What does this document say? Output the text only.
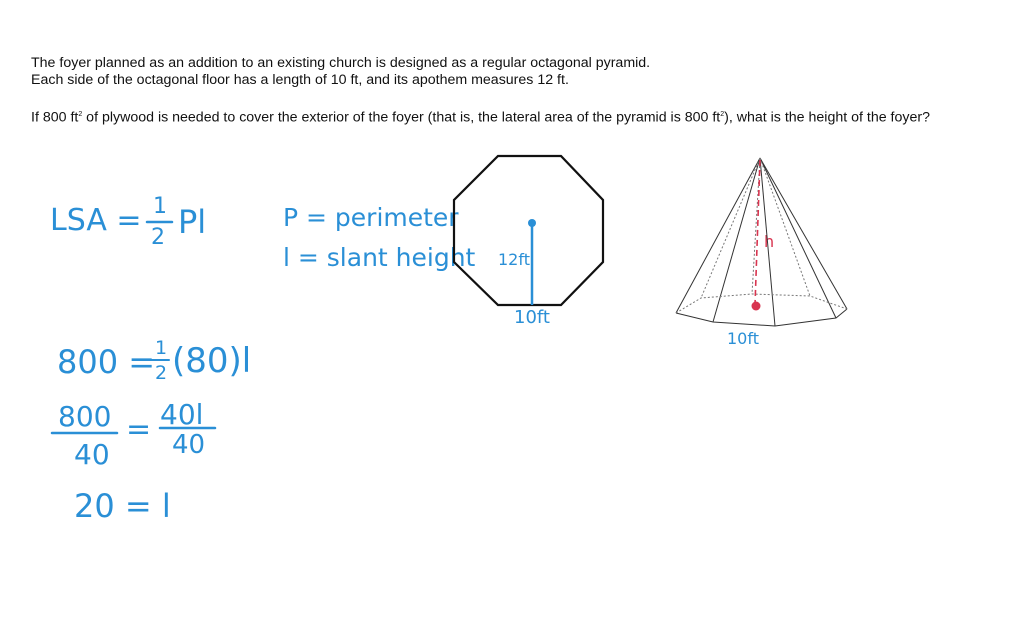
The foyer planned as an addition to an existing church is designed as a regular octagonal pyramid.

Each side of the octagonal floor has a length of 10 ft, and its apothem measures 12 ft.

If 800 $ft^2$ of plywood is needed to cover the exterior of the foyer (that is, the lateral area of the pyramid is 800 $ft^2$), what is the height of the foyer?

LSA = 1
2 Pl	P = perimeter
l = slant height
800 = 1
2 (80)l
800
40
= 40l
40
20 = l
12ft
10ft
h
10ft
